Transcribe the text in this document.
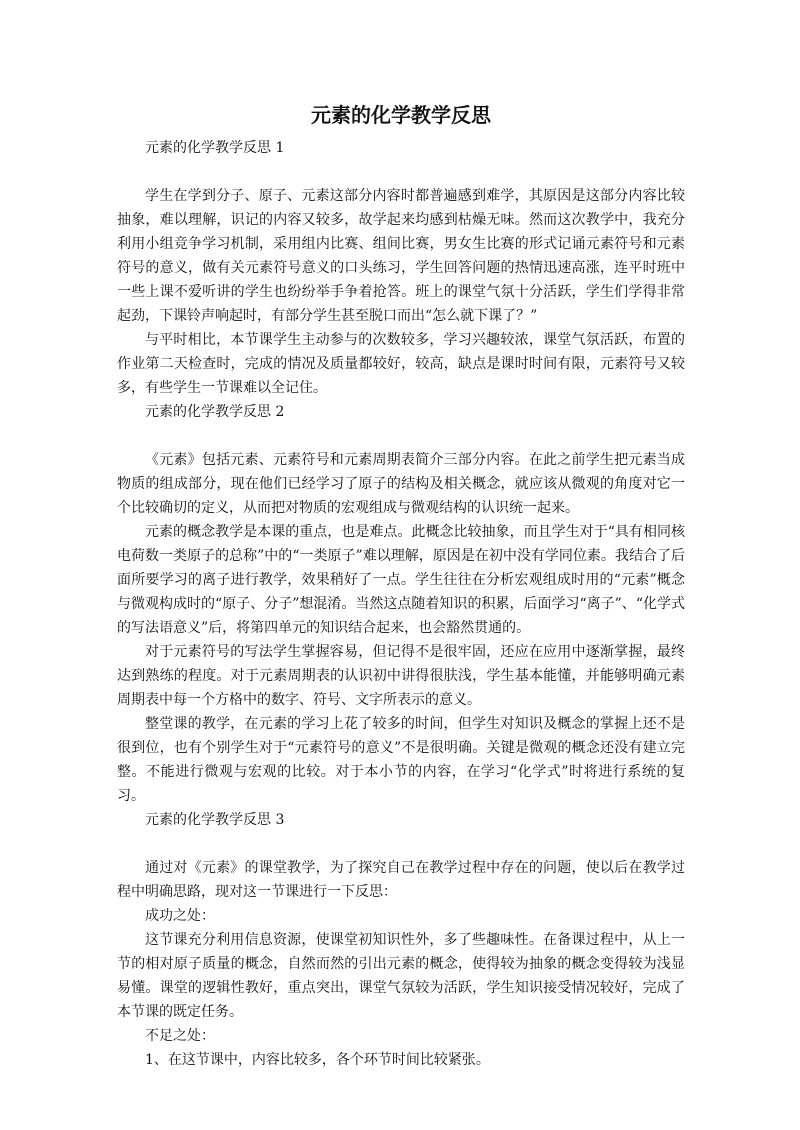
元素的化学教学反思

元素的化学教学反思 1

学生在学到分子、原子、元素这部分内容时都普遍感到难学，其原因是这部分内容比较抽象，难以理解，识记的内容又较多，故学起来均感到枯燥无味。然而这次教学中，我充分利用小组竞争学习机制，采用组内比赛、组间比赛，男女生比赛的形式记诵元素符号和元素符号的意义，做有关元素符号意义的口头练习，学生回答问题的热情迅速高涨，连平时班中一些上课不爱听讲的学生也纷纷举手争着抢答。班上的课堂气氛十分活跃，学生们学得非常起劲，下课铃声响起时，有部分学生甚至脱口而出“怎么就下课了？”

与平时相比，本节课学生主动参与的次数较多，学习兴趣较浓，课堂气氛活跃，布置的作业第二天检查时，完成的情况及质量都较好，较高，缺点是课时时间有限，元素符号又较多，有些学生一节课难以全记住。

元素的化学教学反思 2

《元素》包括元素、元素符号和元素周期表简介三部分内容。在此之前学生把元素当成物质的组成部分，现在他们已经学习了原子的结构及相关概念，就应该从微观的角度对它一个比较确切的定义，从而把对物质的宏观组成与微观结构的认识统一起来。

元素的概念教学是本课的重点，也是难点。此概念比较抽象，而且学生对于“具有相同核电荷数一类原子的总称”中的“一类原子”难以理解，原因是在初中没有学同位素。我结合了后面所要学习的离子进行教学，效果稍好了一点。学生往往在分析宏观组成时用的“元素”概念与微观构成时的“原子、分子”想混淆。当然这点随着知识的积累，后面学习“离子”、“化学式的写法语意义”后，将第四单元的知识结合起来，也会豁然贯通的。

对于元素符号的写法学生掌握容易，但记得不是很牢固，还应在应用中逐渐掌握，最终达到熟练的程度。对于元素周期表的认识初中讲得很肤浅，学生基本能懂，并能够明确元素周期表中每一个方格中的数字、符号、文字所表示的意义。

整堂课的教学，在元素的学习上花了较多的时间，但学生对知识及概念的掌握上还不是很到位，也有个别学生对于“元素符号的意义”不是很明确。关键是微观的概念还没有建立完整。不能进行微观与宏观的比较。对于本小节的内容，在学习“化学式”时将进行系统的复习。

元素的化学教学反思 3

通过对《元素》的课堂教学，为了探究自己在教学过程中存在的问题，使以后在教学过程中明确思路，现对这一节课进行一下反思：

成功之处：

这节课充分利用信息资源，使课堂初知识性外，多了些趣味性。在备课过程中，从上一节的相对原子质量的概念，自然而然的引出元素的概念，使得较为抽象的概念变得较为浅显易懂。课堂的逻辑性教好，重点突出，课堂气氛较为活跃，学生知识接受情况较好，完成了本节课的既定任务。

不足之处：

1、在这节课中，内容比较多，各个环节时间比较紧张。
